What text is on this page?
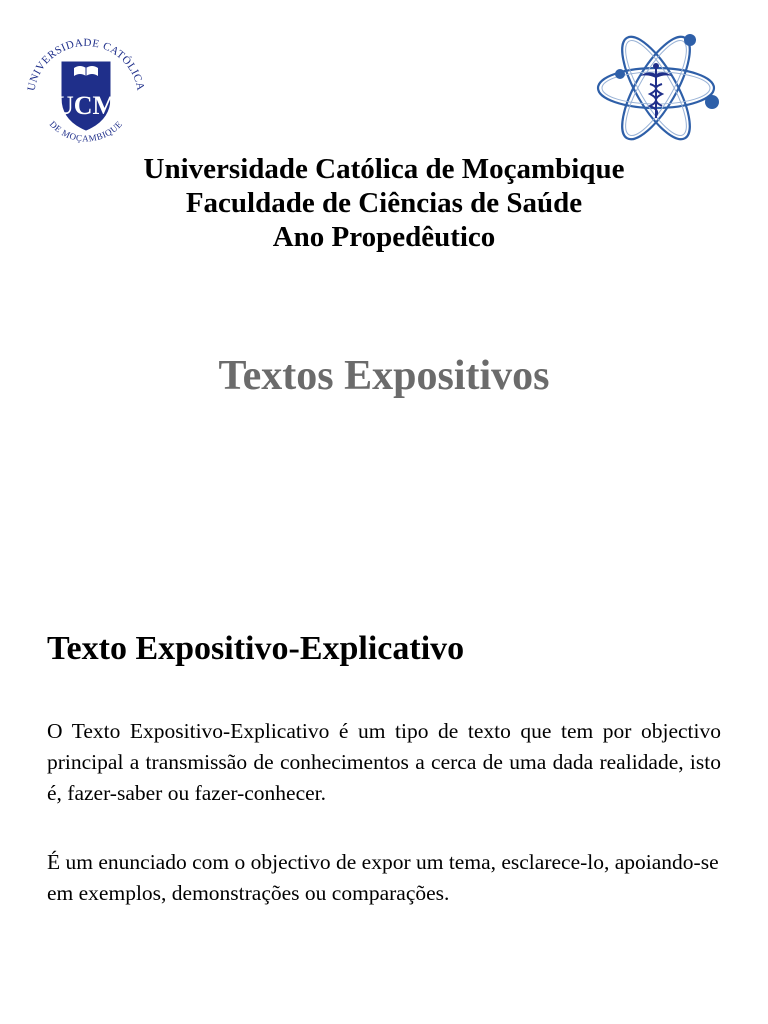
UNIVERSIDADE CATÓLICA
DE MOÇAMBIQUE
UCM
Universidade Católica de Moçambique
Faculdade de Ciências de Saúde
Ano Propedêutico
Textos Expositivos
Texto Expositivo-Explicativo

O Texto Expositivo-Explicativo é um tipo de texto que tem por objectivo principal a transmissão de conhecimentos a cerca de uma dada realidade, isto é, fazer-saber ou fazer-conhecer.

É um enunciado com o objectivo de expor um tema, esclarece-lo, apoiando-se em exemplos, demonstrações ou comparações.
